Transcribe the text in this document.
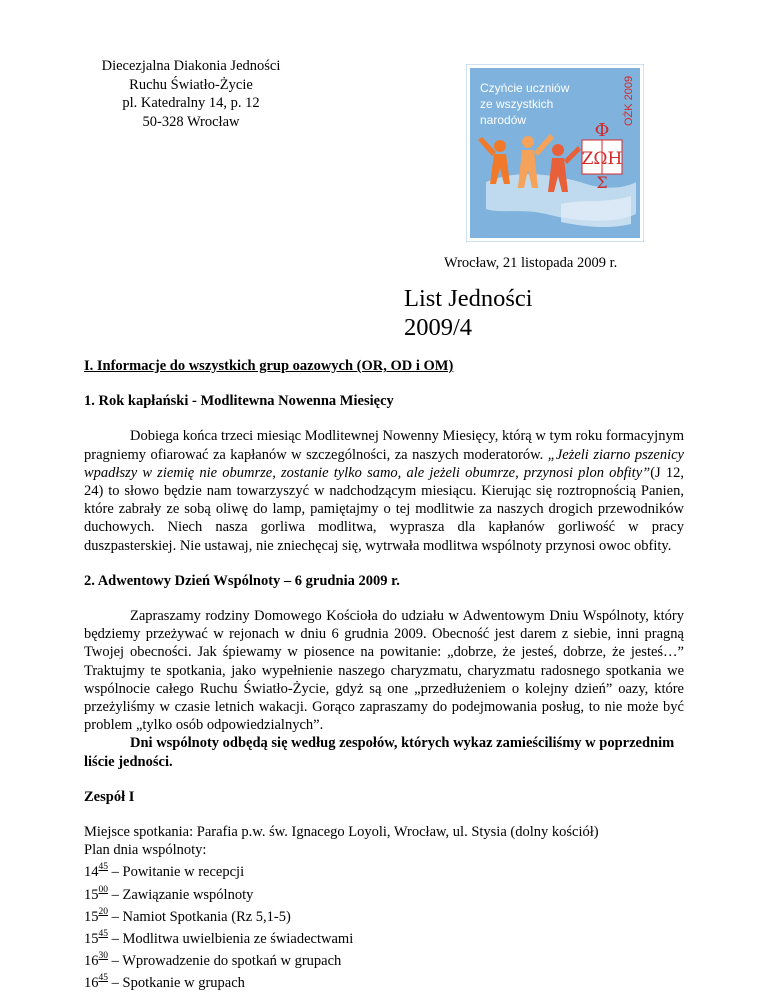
Diecezjalna Diakonia Jedności
Ruchu Światło-Życie
pl. Katedralny 14, p. 12
50-328 Wrocław
Czyńcie uczniów
ze wszystkich
narodów	OŻK 2009
Φ
ΖΩΗ
Σ
Wrocław, 21 listopada 2009 r.
List Jedności
2009/4

I. Informacje do wszystkich grup oazowych (OR, OD i OM)

1. Rok kapłański - Modlitewna Nowenna Miesięcy

Dobiega końca trzeci miesiąc Modlitewnej Nowenny Miesięcy, którą w tym roku formacyjnym pragniemy ofiarować za kapłanów w szczególności, za naszych moderatorów. „Jeżeli ziarno pszenicy wpadłszy w ziemię nie obumrze, zostanie tylko samo, ale jeżeli obumrze, przynosi plon obfity”(J 12, 24) to słowo będzie nam towarzyszyć w nadchodzącym miesiącu. Kierując się roztropnością Panien, które zabrały ze sobą oliwę do lamp, pamiętajmy o tej modlitwie za naszych drogich przewodników duchowych. Niech nasza gorliwa modlitwa, wyprasza dla kapłanów gorliwość w pracy duszpasterskiej. Nie ustawaj, nie zniechęcaj się, wytrwała modlitwa wspólnoty przynosi owoc obfity.

2. Adwentowy Dzień Wspólnoty – 6 grudnia 2009 r.

Zapraszamy rodziny Domowego Kościoła do udziału w Adwentowym Dniu Wspólnoty, który będziemy przeżywać w rejonach w dniu 6 grudnia 2009. Obecność jest darem z siebie, inni pragną Twojej obecności. Jak śpiewamy w piosence na powitanie: „dobrze, że jesteś, dobrze, że jesteś…” Traktujmy te spotkania, jako wypełnienie naszego charyzmatu, charyzmatu radosnego spotkania we wspólnocie całego Ruchu Światło-Życie, gdyż są one „przedłużeniem o kolejny dzień” oazy, które przeżyliśmy w czasie letnich wakacji. Gorąco zapraszamy do podejmowania posług, to nie może być problem „tylko osób odpowiedzialnych”.

Dni wspólnoty odbędą się według zespołów, których wykaz zamieściliśmy w poprzednim liście jedności.

Zespół I

Miejsce spotkania: Parafia p.w. św. Ignacego Loyoli, Wrocław, ul. Stysia (dolny kościół)

Plan dnia wspólnoty:

$14^{45}$ – Powitanie w recepcji
$15^{00}$ – Zawiązanie wspólnoty
$15^{20}$ – Namiot Spotkania (Rz 5,1-5)
$15^{45}$ – Modlitwa uwielbienia ze świadectwami
$16^{30}$ – Wprowadzenie do spotkań w grupach
$16^{45}$ – Spotkanie w grupach
